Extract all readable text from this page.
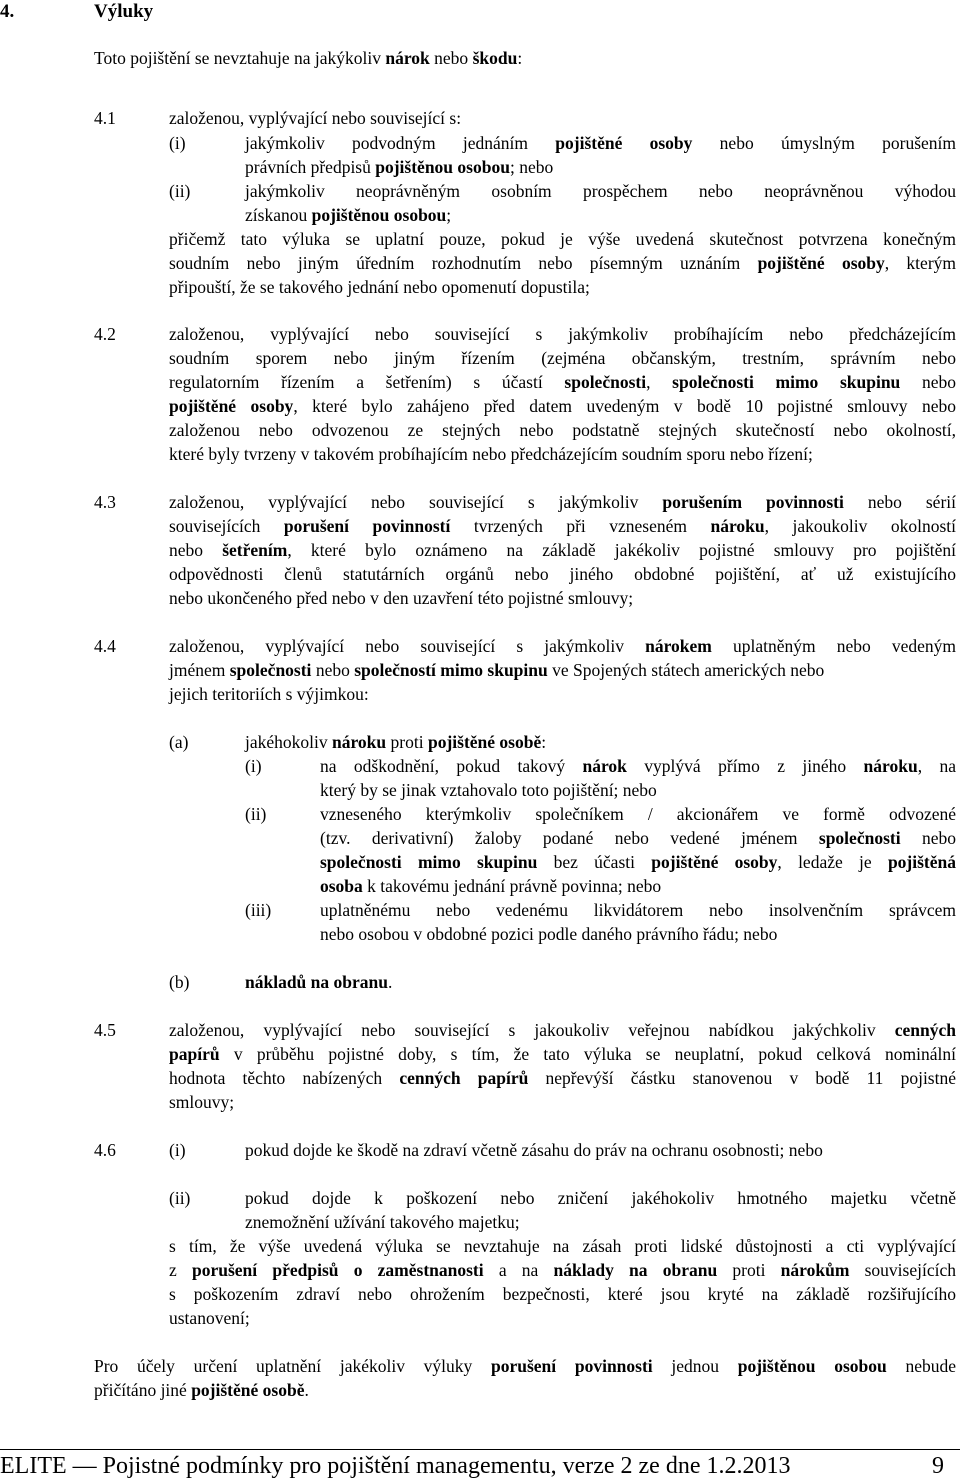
4.	Výluky
Toto pojištění se nevztahuje na jakýkoliv nárok nebo škodu:
4.1	založenou, vyplývající nebo související s:
(i)	jakýmkoliv podvodným jednáním pojištěné osoby nebo úmyslným porušením
právních předpisů pojištěnou osobou; nebo
(ii)	jakýmkoliv neoprávněným osobním prospěchem nebo neoprávněnou výhodou
získanou pojištěnou osobou;
přičemž tato výluka se uplatní pouze, pokud je výše uvedená skutečnost potvrzena konečným
soudním nebo jiným úředním rozhodnutím nebo písemným uznáním pojištěné osoby, kterým
připouští, že se takového jednání nebo opomenutí dopustila;
4.2	založenou, vyplývající nebo související s jakýmkoliv probíhajícím nebo předcházejícím
soudním sporem nebo jiným řízením (zejména občanským, trestním, správním nebo
regulatorním řízením a šetřením) s účastí společnosti, společnosti mimo skupinu nebo
pojištěné osoby, které bylo zahájeno před datem uvedeným v bodě 10 pojistné smlouvy nebo
založenou nebo odvozenou ze stejných nebo podstatně stejných skutečností nebo okolností,
které byly tvrzeny v takovém probíhajícím nebo předcházejícím soudním sporu nebo řízení;
4.3	založenou, vyplývající nebo související s jakýmkoliv porušením povinnosti nebo sérií
souvisejících porušení povinností tvrzených při vzneseném nároku, jakoukoliv okolností
nebo šetřením, které bylo oznámeno na základě jakékoliv pojistné smlouvy pro pojištění
odpovědnosti členů statutárních orgánů nebo jiného obdobné pojištění, ať už existujícího
nebo ukončeného před nebo v den uzavření této pojistné smlouvy;
4.4	založenou, vyplývající nebo související s jakýmkoliv nárokem uplatněným nebo vedeným
jménem společnosti nebo společností mimo skupinu ve Spojených státech amerických nebo
jejich teritoriích s výjimkou:
(a)	jakéhokoliv nároku proti pojištěné osobě:
(i)	na odškodnění, pokud takový nárok vyplývá přímo z jiného nároku, na
který by se jinak vztahovalo toto pojištění; nebo
(ii)	vzneseného kterýmkoliv společníkem / akcionářem ve formě odvozené
(tzv. derivativní) žaloby podané nebo vedené jménem společnosti nebo
společnosti mimo skupinu bez účasti pojištěné osoby, ledaže je pojištěná
osoba k takovému jednání právně povinna; nebo
(iii)	uplatněnému nebo vedenému likvidátorem nebo insolvenčním správcem
nebo osobou v obdobné pozici podle daného právního řádu; nebo
(b)	nákladů na obranu.
4.5	založenou, vyplývající nebo související s jakoukoliv veřejnou nabídkou jakýchkoliv cenných
papírů v průběhu pojistné doby, s tím, že tato výluka se neuplatní, pokud celková nominální
hodnota těchto nabízených cenných papírů nepřevýší částku stanovenou v bodě 11 pojistné
smlouvy;
4.6	(i)	pokud dojde ke škodě na zdraví včetně zásahu do práv na ochranu osobnosti; nebo
(ii)	pokud dojde k poškození nebo zničení jakéhokoliv hmotného majetku včetně
znemožnění užívání takového majetku;
s tím, že výše uvedená výluka se nevztahuje na zásah proti lidské důstojnosti a cti vyplývající
z porušení předpisů o zaměstnanosti a na náklady na obranu proti nárokům souvisejících
s poškozením zdraví nebo ohrožením bezpečnosti, které jsou kryté na základě rozšiřujícího
ustanovení;
Pro účely určení uplatnění jakékoliv výluky porušení povinnosti jednou pojištěnou osobou nebude
přičítáno jiné pojištěné osobě.
ELITE — Pojistné podmínky pro pojištění managementu, verze 2 ze dne 1.2.2013	9
